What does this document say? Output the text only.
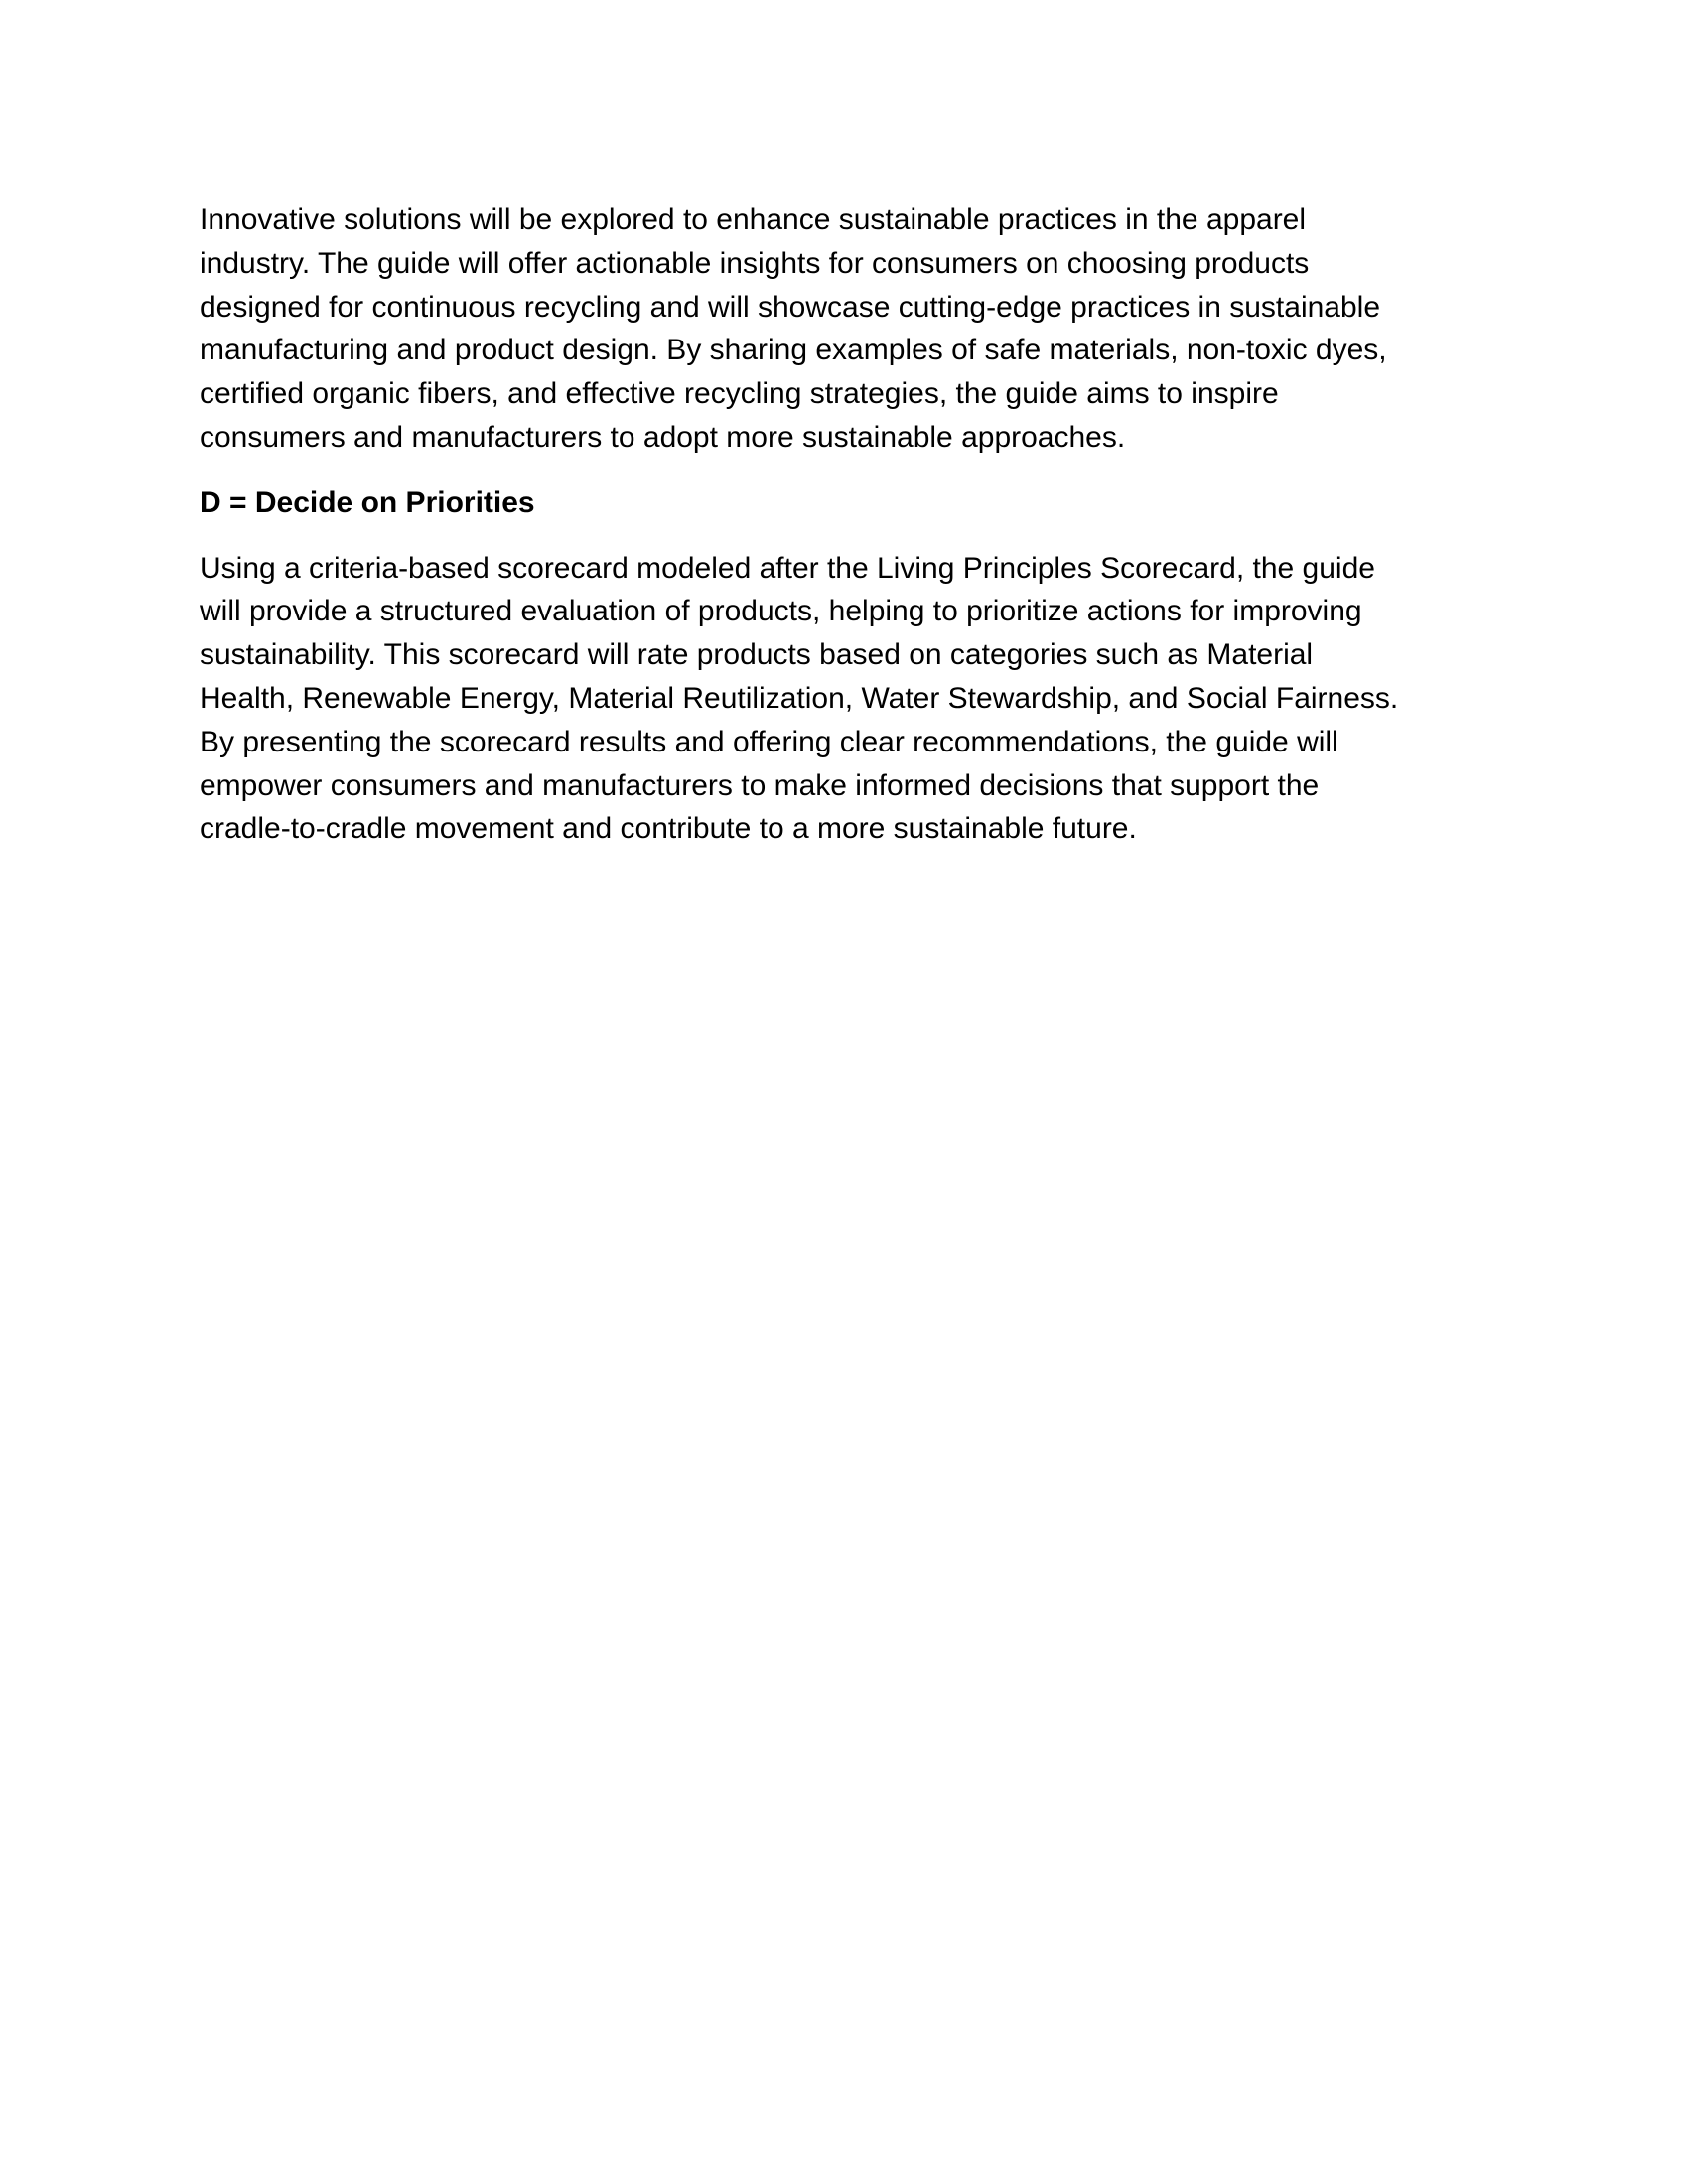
Innovative solutions will be explored to enhance sustainable practices in the apparel
industry. The guide will offer actionable insights for consumers on choosing products
designed for continuous recycling and will showcase cutting-edge practices in sustainable
manufacturing and product design. By sharing examples of safe materials, non-toxic dyes,
certified organic fibers, and effective recycling strategies, the guide aims to inspire
consumers and manufacturers to adopt more sustainable approaches.

D = Decide on Priorities

Using a criteria-based scorecard modeled after the Living Principles Scorecard, the guide
will provide a structured evaluation of products, helping to prioritize actions for improving
sustainability. This scorecard will rate products based on categories such as Material
Health, Renewable Energy, Material Reutilization, Water Stewardship, and Social Fairness.
By presenting the scorecard results and offering clear recommendations, the guide will
empower consumers and manufacturers to make informed decisions that support the
cradle-to-cradle movement and contribute to a more sustainable future.
